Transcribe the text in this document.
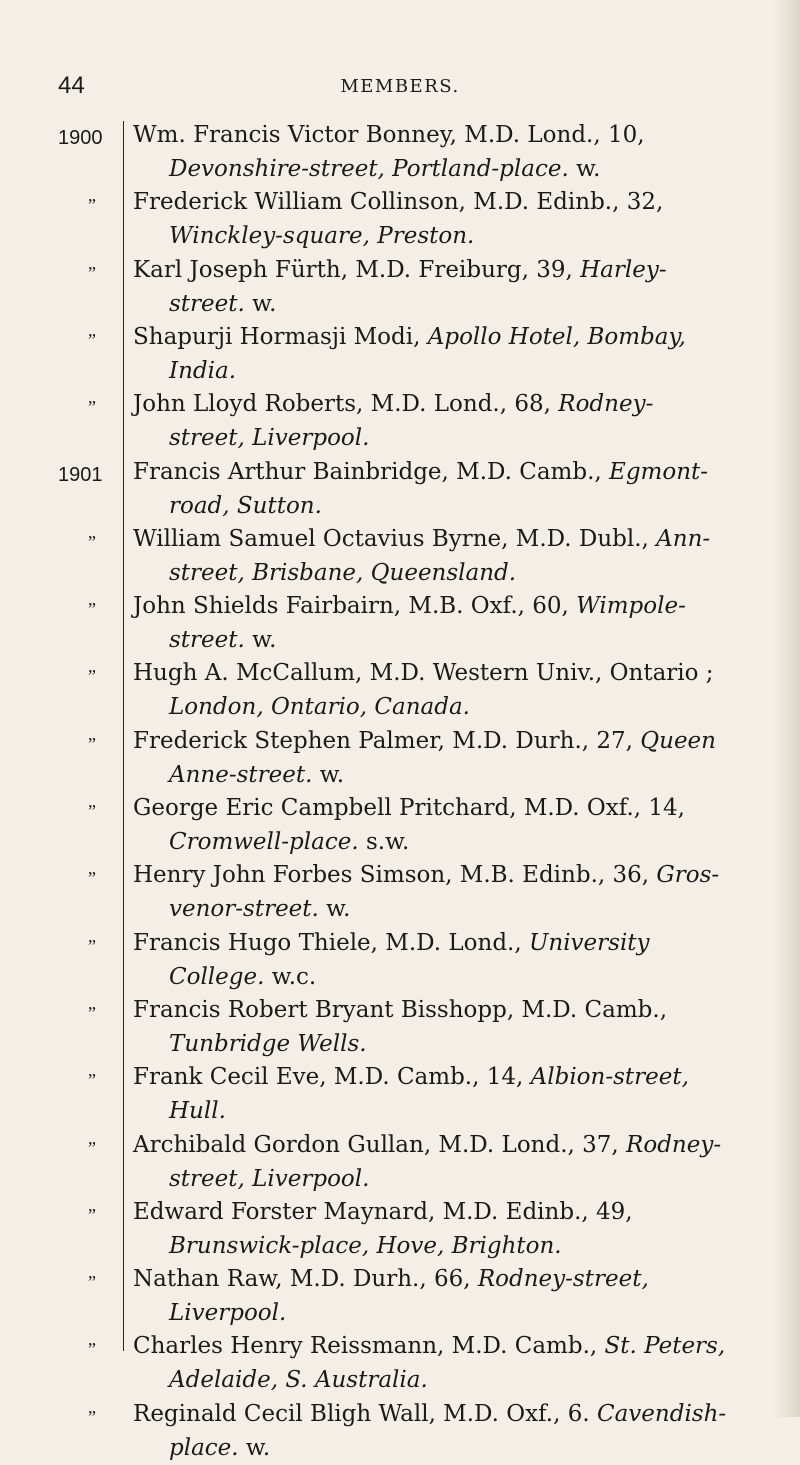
44	MEMBERS.
1900
”
”
”
”
1901
”
”
”
”
”
”
”
”
”
”
”
”
”
”
Wm. Francis Victor Bonney, M.D. Lond., 10,
Devonshire-street, Portland-place. w.
Frederick William Collinson, M.D. Edinb., 32,
Winckley-square, Preston.
Karl Joseph Fürth, M.D. Freiburg, 39, Harley-
street. w.
Shapurji Hormasji Modi, Apollo Hotel, Bombay,
India.
John Lloyd Roberts, M.D. Lond., 68, Rodney-
street, Liverpool.
Francis Arthur Bainbridge, M.D. Camb., Egmont-
road, Sutton.
William Samuel Octavius Byrne, M.D. Dubl., Ann-
street, Brisbane, Queensland.
John Shields Fairbairn, M.B. Oxf., 60, Wimpole-
street. w.
Hugh A. McCallum, M.D. Western Univ., Ontario ;
London, Ontario, Canada.
Frederick Stephen Palmer, M.D. Durh., 27, Queen
Anne-street. w.
George Eric Campbell Pritchard, M.D. Oxf., 14,
Cromwell-place. s.w.
Henry John Forbes Simson, M.B. Edinb., 36, Gros-
venor-street. w.
Francis Hugo Thiele, M.D. Lond., University
College. w.c.
Francis Robert Bryant Bisshopp, M.D. Camb.,
Tunbridge Wells.
Frank Cecil Eve, M.D. Camb., 14, Albion-street,
Hull.
Archibald Gordon Gullan, M.D. Lond., 37, Rodney-
street, Liverpool.
Edward Forster Maynard, M.D. Edinb., 49,
Brunswick-place, Hove, Brighton.
Nathan Raw, M.D. Durh., 66, Rodney-street,
Liverpool.
Charles Henry Reissmann, M.D. Camb., St. Peters,
Adelaide, S. Australia.
Reginald Cecil Bligh Wall, M.D. Oxf., 6. Cavendish-
place. w.
